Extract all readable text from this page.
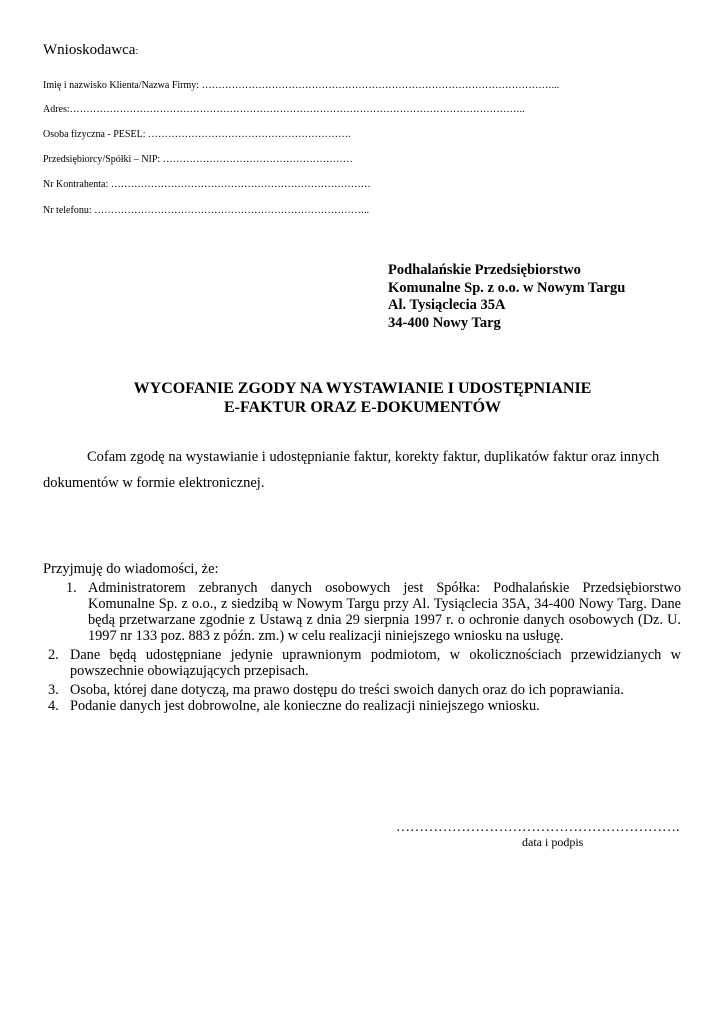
Wnioskodawca:
Imię i nazwisko Klienta/Nazwa Firmy: ……………………………………………………………………………………………...
Adres:………………………………………………………………………………………………………………………..
Osoba fizyczna - PESEL: …………………………………………………….
Przedsiębiorcy/Spółki – NIP: …………………………………………………
Nr Kontrahenta: ……………………………………………………………………
Nr telefonu: ………………………………………………………………………..
Podhalańskie Przedsiębiorstwo
Komunalne Sp. z o.o. w Nowym Targu
Al. Tysiąclecia 35A
34-400 Nowy Targ
WYCOFANIE ZGODY NA WYSTAWIANIE I UDOSTĘPNIANIE
E-FAKTUR ORAZ E-DOKUMENTÓW
Cofam zgodę na wystawianie i udostępnianie faktur, korekty faktur, duplikatów faktur oraz innych
dokumentów w formie elektronicznej.
Przyjmuję do wiadomości, że:
1. Administratorem zebranych danych osobowych jest Spółka: Podhalańskie Przedsiębiorstwo Komunalne Sp. z o.o., z siedzibą w Nowym Targu przy Al. Tysiąclecia 35A, 34-400 Nowy Targ. Dane będą przetwarzane zgodnie z Ustawą z dnia 29 sierpnia 1997 r. o ochronie danych osobowych (Dz. U. 1997 nr 133 poz. 883 z późn. zm.) w celu realizacji niniejszego wniosku na usługę.
2. Dane będą udostępniane jedynie uprawnionym podmiotom, w okolicznościach przewidzianych w powszechnie obowiązujących przepisach.
3. Osoba, której dane dotyczą, ma prawo dostępu do treści swoich danych oraz do ich poprawiania.
4. Podanie danych jest dobrowolne, ale konieczne do realizacji niniejszego wniosku.
…………………………………………………….
data i podpis
